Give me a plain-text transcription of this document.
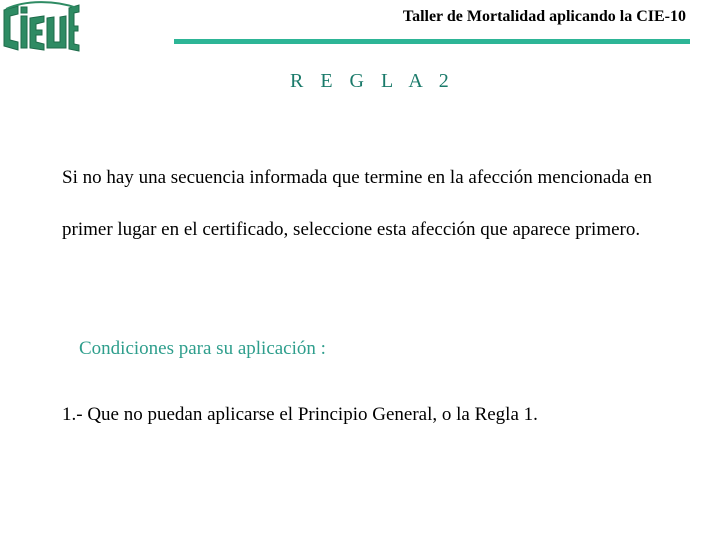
Taller de Mortalidad aplicando la CIE-10
R E G L A 2

Si no hay una secuencia informada que termine en la afección mencionada en primer lugar en el certificado, seleccione esta afección que aparece primero.

Condiciones para su aplicación :
1.- Que no puedan aplicarse el Principio General, o la Regla 1.
